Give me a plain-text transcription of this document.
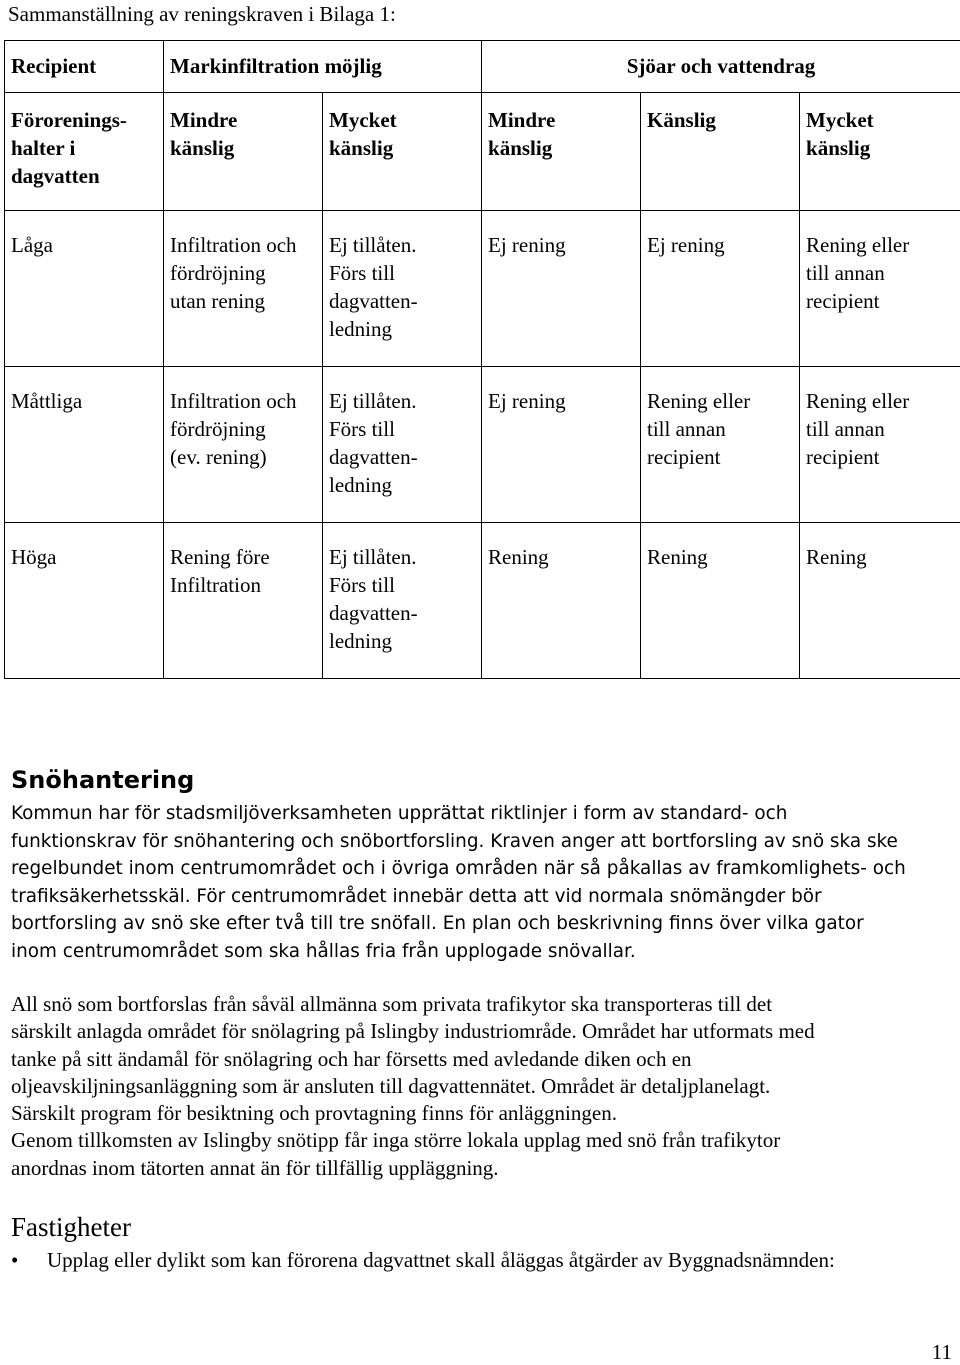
Sammanställning av reningskraven i Bilaga 1:
Recipient	Markinfiltration möjlig		Sjöar och vattendrag		
Förorenings-
halter i
dagvatten	Mindre
känslig	Mycket
känslig	Mindre
känslig	Känslig	Mycket
känslig
Låga	Infiltration och
fördröjning
utan rening	Ej tillåten.
Förs till
dagvatten-
ledning	Ej rening	Ej rening	Rening eller
till annan
recipient
Måttliga	Infiltration och
fördröjning
(ev. rening)	Ej tillåten.
Förs till
dagvatten-
ledning	Ej rening	Rening eller
till annan
recipient	Rening eller
till annan
recipient
Höga	Rening före
Infiltration	Ej tillåten.
Förs till
dagvatten-
ledning	Rening	Rening	Rening
Snöhantering
Kommun har för stadsmiljöverksamheten upprättat riktlinjer i form av standard- och
funktionskrav för snöhantering och snöbortforsling. Kraven anger att bortforsling av snö ska ske
regelbundet inom centrumområdet och i övriga områden när så påkallas av framkomlighets- och
trafiksäkerhetsskäl. För centrumområdet innebär detta att vid normala snömängder bör
bortforsling av snö ske efter två till tre snöfall. En plan och beskrivning finns över vilka gator
inom centrumområdet som ska hållas fria från upplogade snövallar.
All snö som bortforslas från såväl allmänna som privata trafikytor ska transporteras till det
särskilt anlagda området för snölagring på Islingby industriområde. Området har utformats med
tanke på sitt ändamål för snölagring och har försetts med avledande diken och en
oljeavskiljningsanläggning som är ansluten till dagvattennätet. Området är detaljplanelagt.
Särskilt program för besiktning och provtagning finns för anläggningen.
Genom tillkomsten av Islingby snötipp får inga större lokala upplag med snö från trafikytor
anordnas inom tätorten annat än för tillfällig uppläggning.
Fastigheter
• Upplag eller dylikt som kan förorena dagvattnet skall åläggas åtgärder av Byggnadsnämnden:
11
